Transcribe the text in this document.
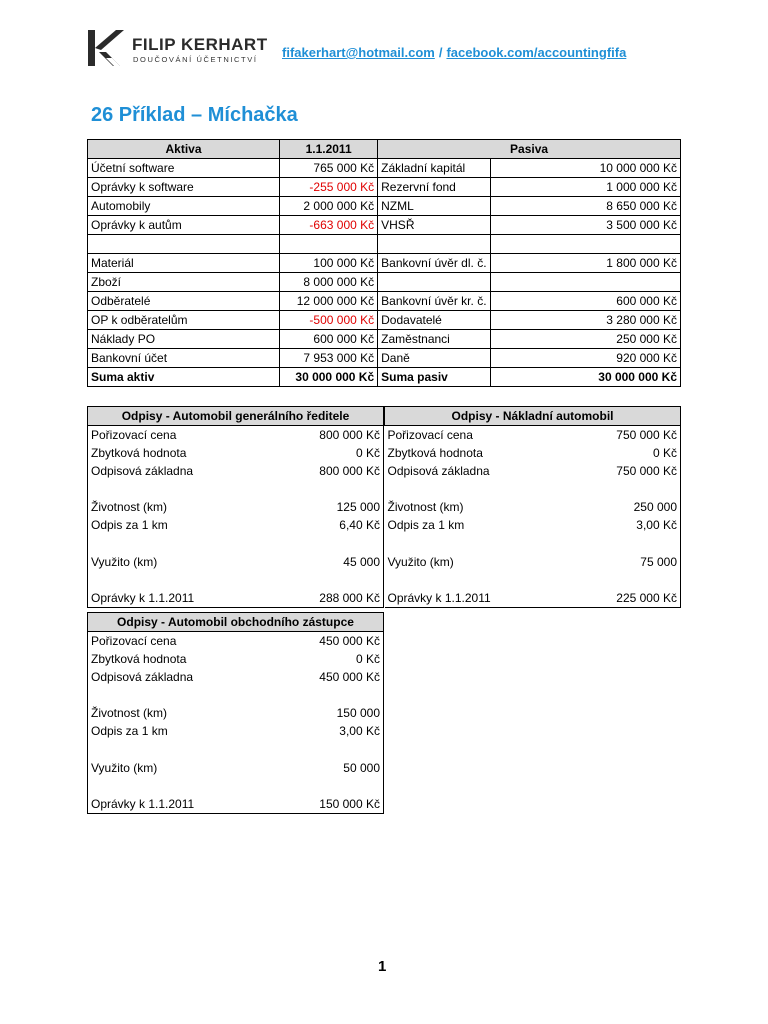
FILIP KERHART
DOUČOVÁNÍ ÚČETNICTVÍ fifakerhart@hotmail.com / facebook.com/accountingfifa
26 Příklad – Míchačka
Aktiva	1.1.2011	Pasiva	
Účetní software	765 000 Kč	Základní kapitál	10 000 000 Kč
Oprávky k software	-255 000 Kč	Rezervní fond	1 000 000 Kč
Automobily	2 000 000 Kč	NZML	8 650 000 Kč
Oprávky k autům	-663 000 Kč	VHSŘ	3 500 000 Kč

Materiál	100 000 Kč	Bankovní úvěr dl. č.	1 800 000 Kč
Zboží	8 000 000 Kč		
Odběratelé	12 000 000 Kč	Bankovní úvěr kr. č.	600 000 Kč
OP k odběratelům	-500 000 Kč	Dodavatelé	3 280 000 Kč
Náklady PO	600 000 Kč	Zaměstnanci	250 000 Kč
Bankovní účet	7 953 000 Kč	Daně	920 000 Kč
Suma aktiv	30 000 000 Kč	Suma pasiv	30 000 000 Kč
Odpisy - Automobil generálního ředitele	
Pořizovací cena	800 000 Kč
Zbytková hodnota	0 Kč
Odpisová základna	800 000 Kč

Životnost (km)	125 000
Odpis za 1 km	6,40 Kč

Využito (km)	45 000

Oprávky k 1.1.2011	288 000 Kč
Odpisy - Nákladní automobil	
Pořizovací cena	750 000 Kč
Zbytková hodnota	0 Kč
Odpisová základna	750 000 Kč

Životnost (km)	250 000
Odpis za 1 km	3,00 Kč

Využito (km)	75 000

Oprávky k 1.1.2011	225 000 Kč
Odpisy - Automobil obchodního zástupce	
Pořizovací cena	450 000 Kč
Zbytková hodnota	0 Kč
Odpisová základna	450 000 Kč

Životnost (km)	150 000
Odpis za 1 km	3,00 Kč

Využito (km)	50 000

Oprávky k 1.1.2011	150 000 Kč
1
